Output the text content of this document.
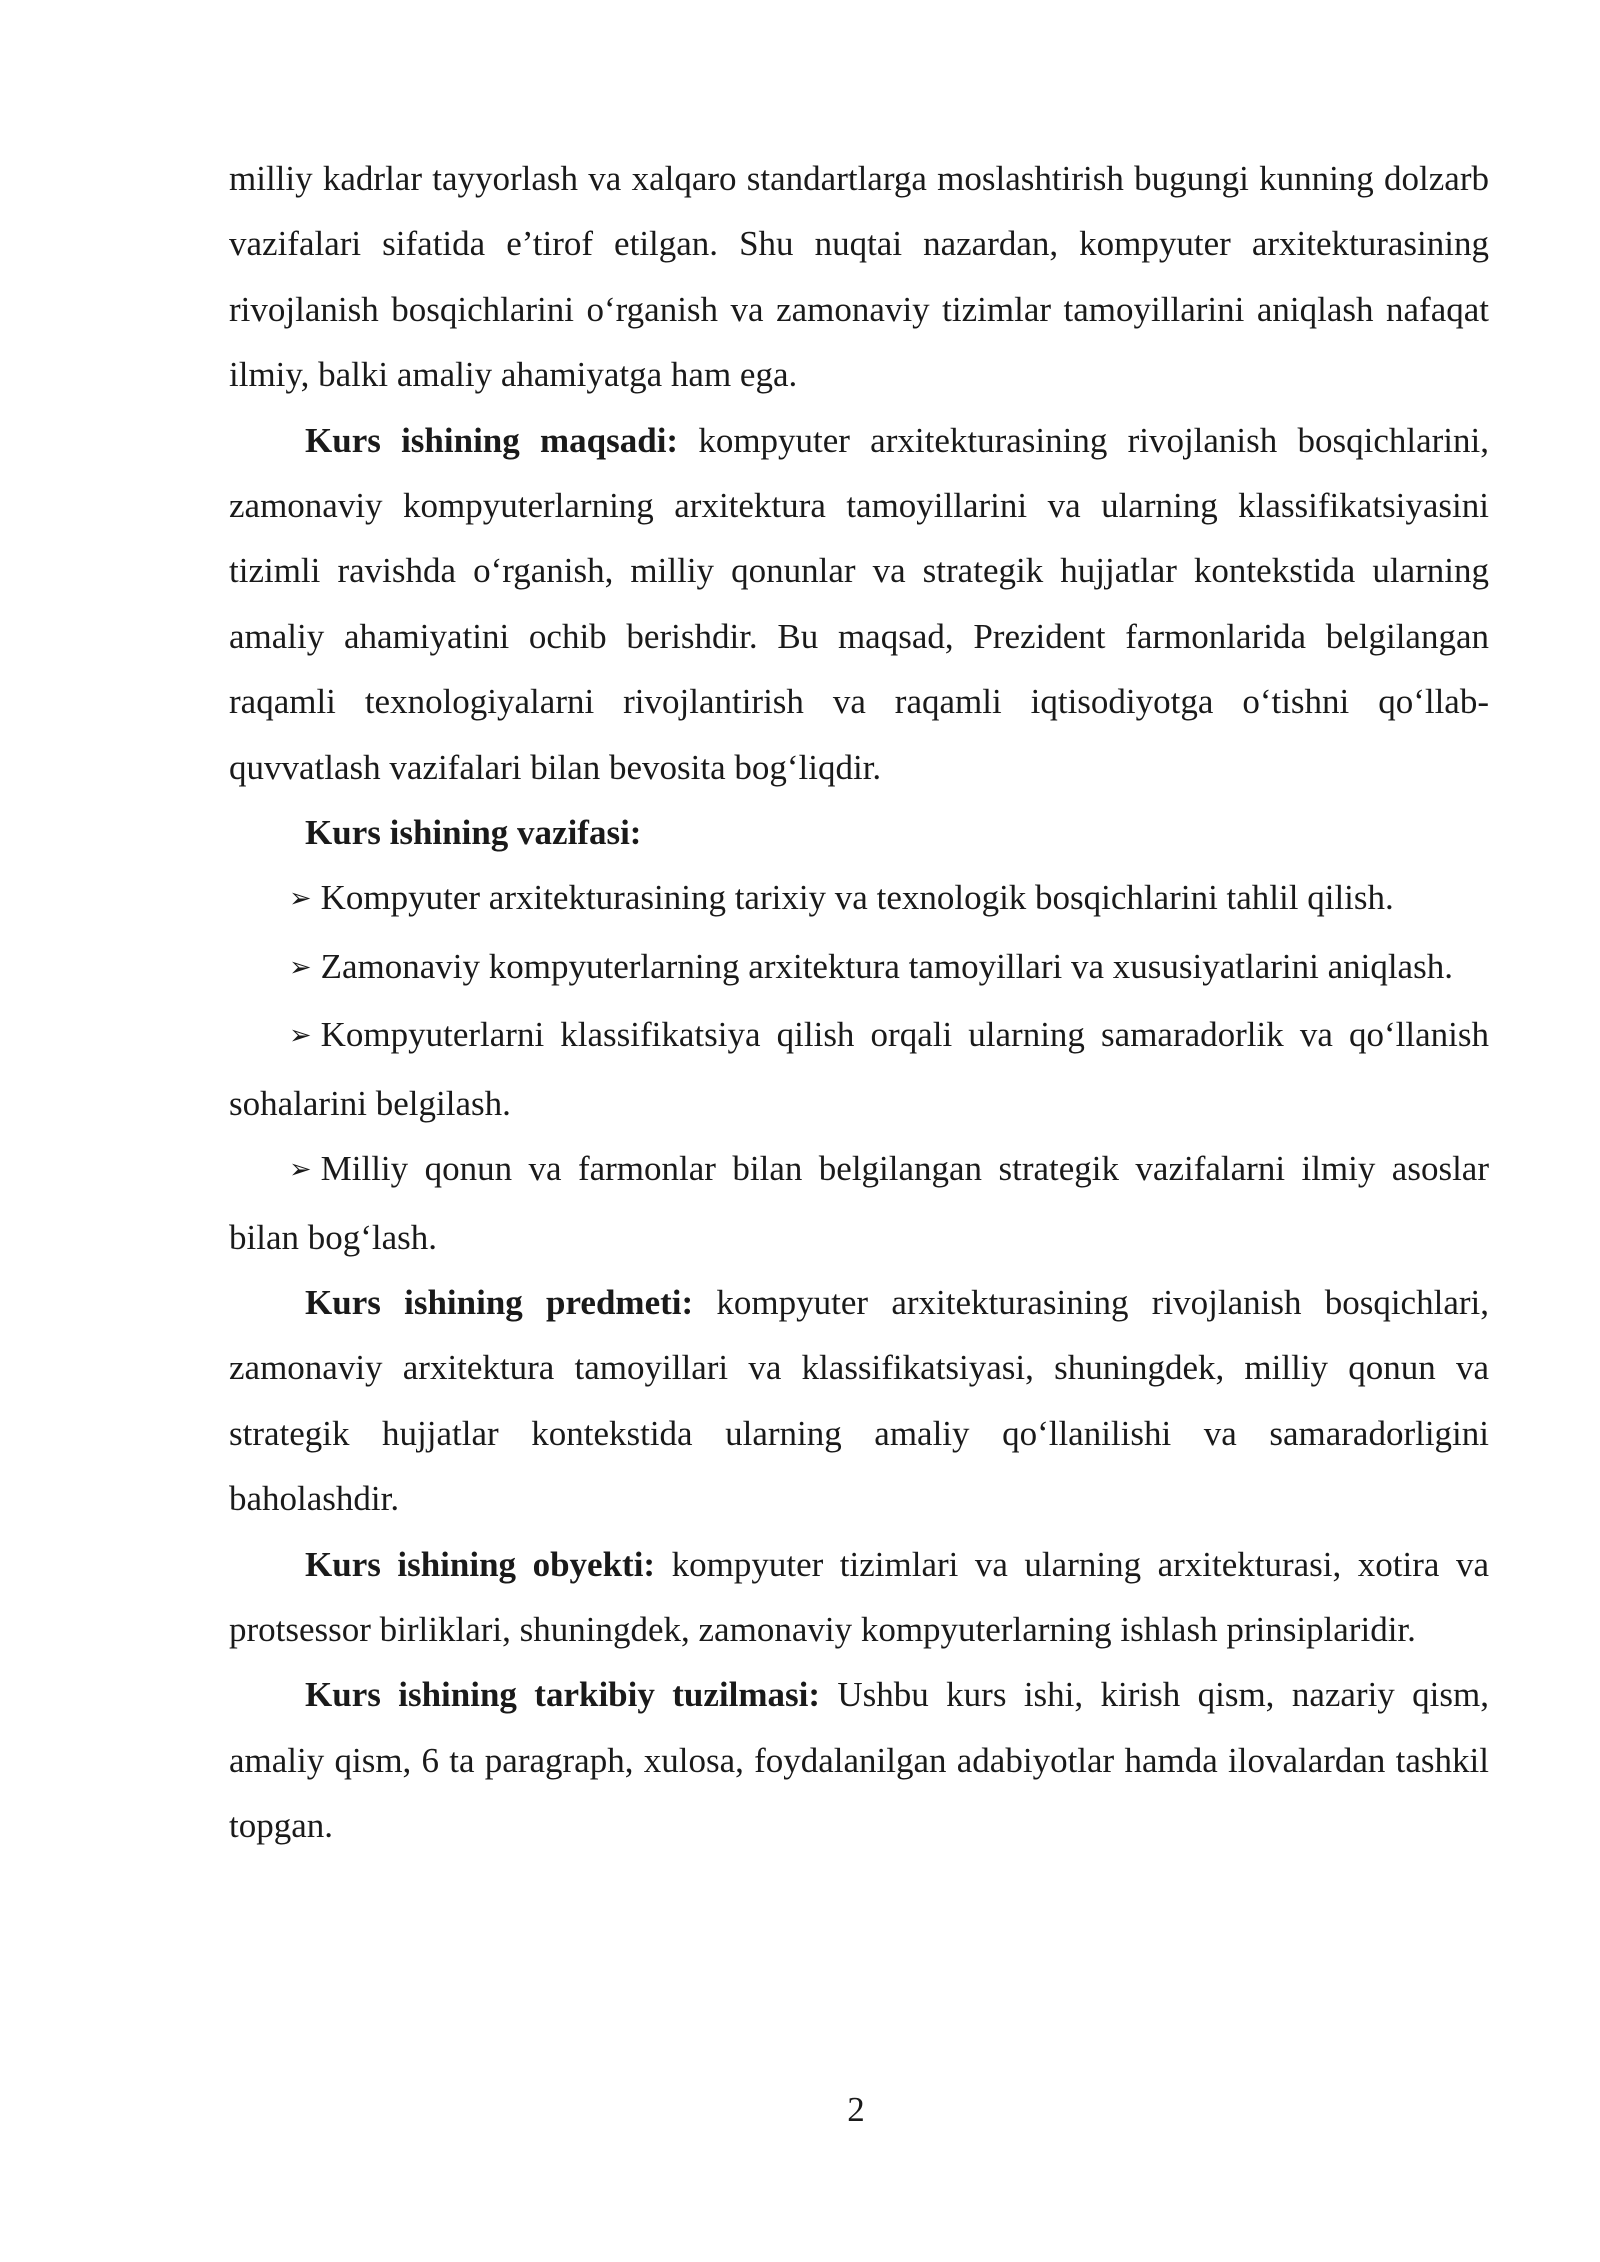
milliy kadrlar tayyorlash va xalqaro standartlarga moslashtirish bugungi kunning dolzarb vazifalari sifatida e’tirof etilgan. Shu nuqtai nazardan, kompyuter arxitekturasining rivojlanish bosqichlarini o‘rganish va zamonaviy tizimlar tamoyillarini aniqlash nafaqat ilmiy, balki amaliy ahamiyatga ham ega.

Kurs ishining maqsadi: kompyuter arxitekturasining rivojlanish bosqichlarini, zamonaviy kompyuterlarning arxitektura tamoyillarini va ularning klassifikatsiyasini tizimli ravishda o‘rganish, milliy qonunlar va strategik hujjatlar kontekstida ularning amaliy ahamiyatini ochib berishdir. Bu maqsad, Prezident farmonlarida belgilangan raqamli texnologiyalarni rivojlantirish va raqamli iqtisodiyotga o‘tishni qo‘llab-quvvatlash vazifalari bilan bevosita bog‘liqdir.

Kurs ishining vazifasi:

➢ Kompyuter arxitekturasining tarixiy va texnologik bosqichlarini tahlil qilish.

➢ Zamonaviy kompyuterlarning arxitektura tamoyillari va xususiyatlarini aniqlash.

➢ Kompyuterlarni klassifikatsiya qilish orqali ularning samaradorlik va qo‘llanish sohalarini belgilash.

➢ Milliy qonun va farmonlar bilan belgilangan strategik vazifalarni ilmiy asoslar bilan bog‘lash.

Kurs ishining predmeti: kompyuter arxitekturasining rivojlanish bosqichlari, zamonaviy arxitektura tamoyillari va klassifikatsiyasi, shuningdek, milliy qonun va strategik hujjatlar kontekstida ularning amaliy qo‘llanilishi va samaradorligini baholashdir.

Kurs ishining obyekti: kompyuter tizimlari va ularning arxitekturasi, xotira va protsessor birliklari, shuningdek, zamonaviy kompyuterlarning ishlash prinsiplaridir.

Kurs ishining tarkibiy tuzilmasi: Ushbu kurs ishi, kirish qism, nazariy qism, amaliy qism, 6 ta paragraph, xulosa, foydalanilgan adabiyotlar hamda ilovalardan tashkil topgan.

2
